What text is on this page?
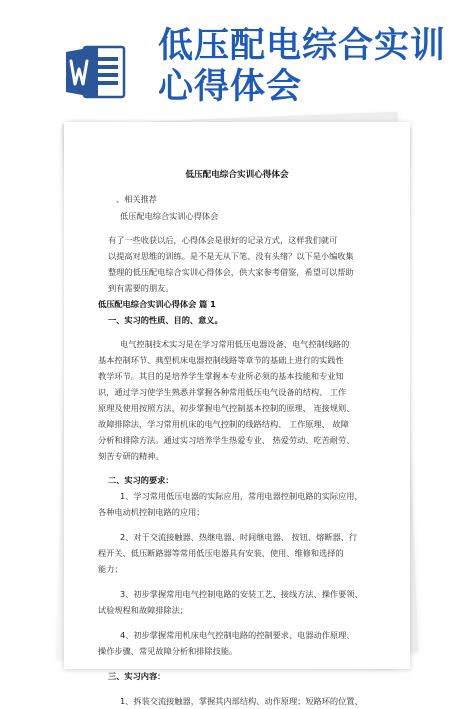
低压配电综合实训
心得体会
低压配电综合实训心得体会
、相关推荐
低压配电综合实训心得体会
有了一些收获以后，心得体会是很好的记录方式，这样我们就可
以提高对思维的训练。是不是无从下笔、没有头绪？以下是小编收集
整理的低压配电综合实训心得体会，供大家参考借鉴，希望可以帮助
到有需要的朋友。
低压配电综合实训心得体会 篇 1
一、实习的性质、目的、意义。
电气控制技术实习是在学习常用低压电器设备、电气控制线路的
基本控制环节、典型机床电器控制线路等章节的基础上进行的实践性
教学环节。其目的是培养学生掌握本专业所必须的基本技能和专业知
识，通过学习使学生熟悉并掌握各种常用低压电气设备的结构、 工作
原理及使用按照方法，初步掌握电气控制基本控制的原理、 连接规则、
故障排除法，学习常用机床的电气控制的线路结构、 工作原理、 故障
分析和排除方法。通过实习培养学生热爱专业、 热爱劳动、吃苦耐劳、
刻苦专研的精神。
二、实习的要求：
1、学习常用低压电器的实际应用，常用电器控制电路的实际应用，
各种电动机控制电路的应用；
2、对于交流接触器、热继电器、时间继电器、 按钮、熔断器、行
程开关、低压断路器等常用低压电器具有安装、使用、维修和选择的
能力；
3、初步掌握常用电气控制电路的安装工艺、接线方法、操作要领、
试验规程和故障排除法；
4、初步掌握常用机床电气控制电路的控制要求、电器动作原理、
操作步骤、常见故障分析和排除技能。
三、实习内容：
1、拆装交流接触器，掌握其内部结构、动作原理；短路环的位置、
